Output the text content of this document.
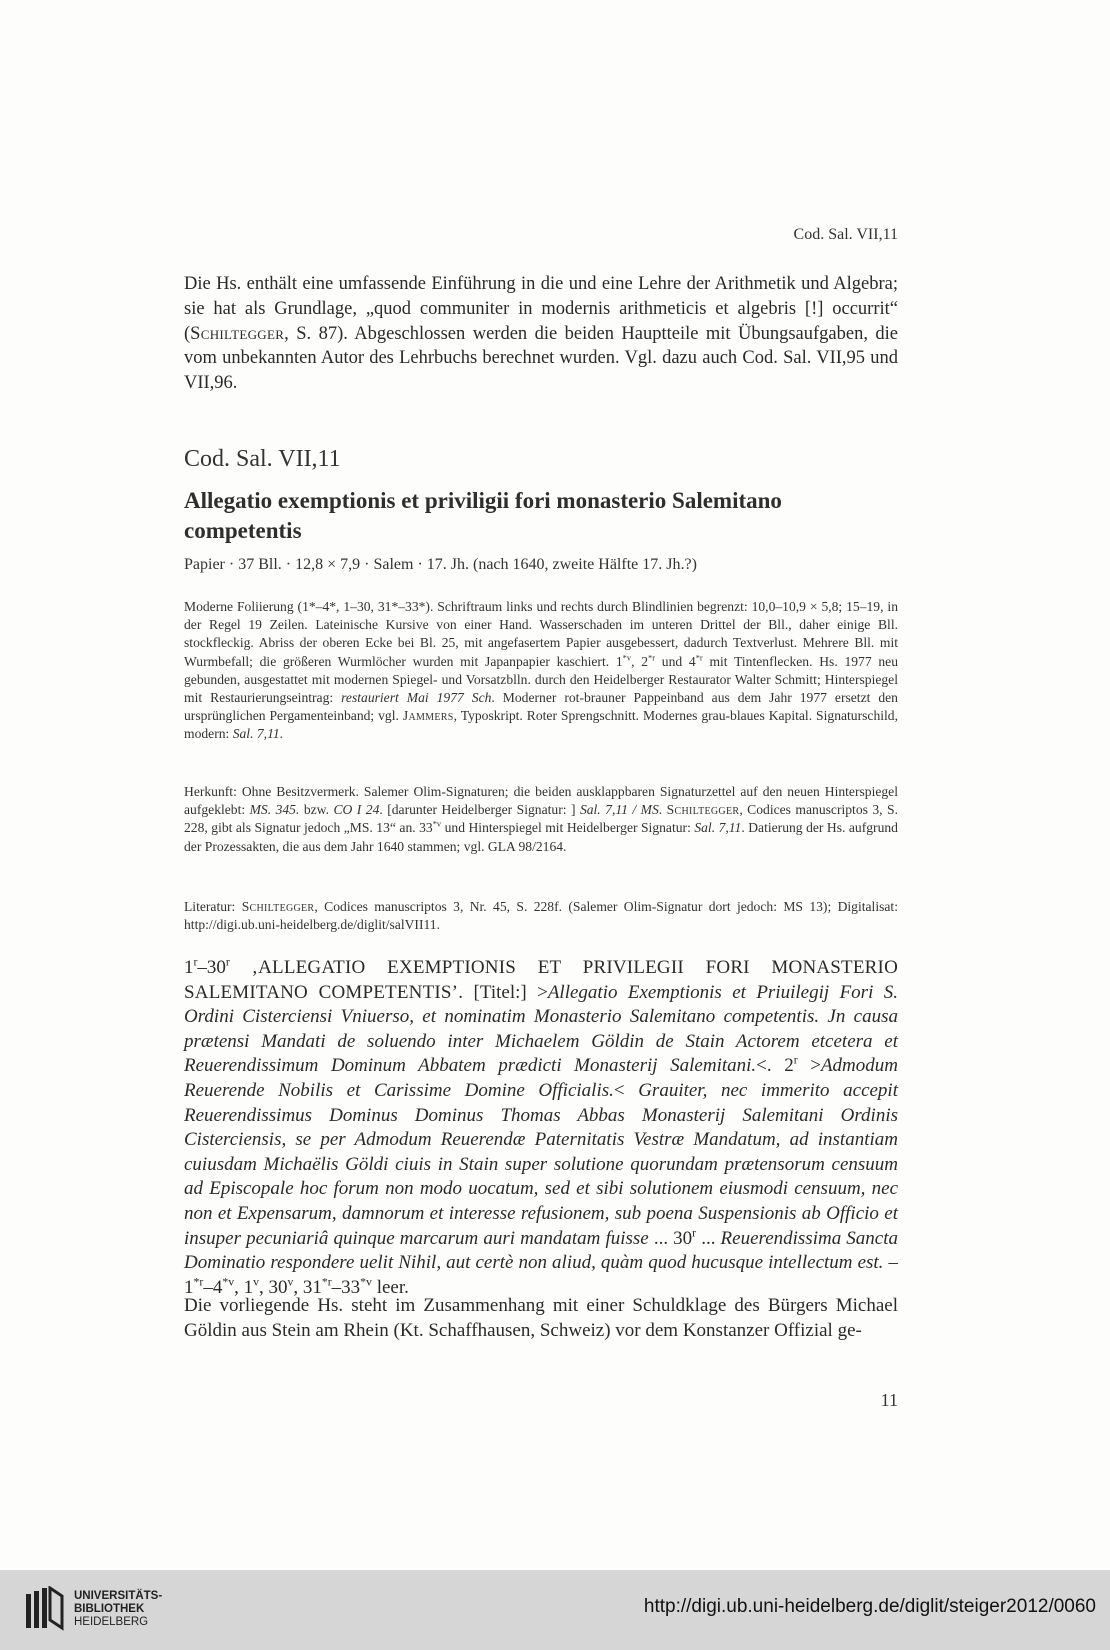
Cod. Sal. VII,11

Die Hs. enthält eine umfassende Einführung in die und eine Lehre der Arithmetik und Algebra; sie hat als Grundlage, „quod communiter in modernis arithmeticis et algebris [!] occurrit“ (Schiltegger, S. 87). Abgeschlossen werden die beiden Hauptteile mit Übungsaufgaben, die vom unbekannten Autor des Lehrbuchs berechnet wurden. Vgl. dazu auch Cod. Sal. VII,95 und VII,96.

Cod. Sal. VII,11
Allegatio exemptionis et priviligii fori monasterio Salemitano competentis

Papier · 37 Bll. · 12,8 × 7,9 · Salem · 17. Jh. (nach 1640, zweite Hälfte 17. Jh.?)

Moderne Foliierung (1*–4*, 1–30, 31*–33*). Schriftraum links und rechts durch Blindlinien begrenzt: 10,0–10,9 × 5,8; 15–19, in der Regel 19 Zeilen. Lateinische Kursive von einer Hand. Wasserschaden im unteren Drittel der Bll., daher einige Bll. stockfleckig. Abriss der oberen Ecke bei Bl. 25, mit angefasertem Papier ausgebessert, dadurch Textverlust. Mehrere Bll. mit Wurmbefall; die größeren Wurmlöcher wurden mit Japanpapier kaschiert. 1$^{*v}$, 2$^{*r}$ und 4$^{*r}$ mit Tintenflecken. Hs. 1977 neu gebunden, ausgestattet mit modernen Spiegel- und Vorsatzblln. durch den Heidelberger Restaurator Walter Schmitt; Hinterspiegel mit Restaurierungseintrag: restauriert Mai 1977 Sch. Moderner rot-brauner Pappeinband aus dem Jahr 1977 ersetzt den ursprünglichen Pergamenteinband; vgl. Jammers, Typoskript. Roter Sprengschnitt. Modernes grau-blaues Kapital. Signaturschild, modern: Sal. 7,11.

Herkunft: Ohne Besitzvermerk. Salemer Olim-Signaturen; die beiden ausklappbaren Signaturzettel auf den neuen Hinterspiegel aufgeklebt: MS. 345. bzw. CO I 24. [darunter Heidelberger Signatur: ] Sal. 7,11 / MS. Schiltegger, Codices manuscriptos 3, S. 228, gibt als Signatur jedoch „MS. 13“ an. 33$^{*v}$ und Hinterspiegel mit Heidelberger Signatur: Sal. 7,11. Datierung der Hs. aufgrund der Prozessakten, die aus dem Jahr 1640 stammen; vgl. GLA 98/2164.

Literatur: Schiltegger, Codices manuscriptos 3, Nr. 45, S. 228f. (Salemer Olim-Signatur dort jedoch: MS 13); Digitalisat: http://digi.ub.uni-heidelberg.de/diglit/salVII11.

1$^r$–30$^r$ ‚ALLEGATIO EXEMPTIONIS ET PRIVILEGII FORI MONASTERIO SALEMITANO COMPETENTIS’. [Titel:] >Allegatio Exemptionis et Priuilegij Fori S. Ordini Cisterciensi Vniuerso, et nominatim Monasterio Salemitano competentis. Jn causa prætensi Mandati de soluendo inter Michaelem Göldin de Stain Actorem etcetera et Reuerendissimum Dominum Abbatem prædicti Monasterij Salemitani.<. $2^r$ >Admodum Reuerende Nobilis et Carissime Domine Officialis.< Grauiter, nec immerito accepit Reuerendissimus Dominus Dominus Thomas Abbas Monasterij Salemitani Ordinis Cisterciensis, se per Admodum Reuerendæ Paternitatis Vestræ Mandatum, ad instantiam cuiusdam Michaëlis Göldi ciuis in Stain super solutione quorundam prætensorum censuum ad Episcopale hoc forum non modo uocatum, sed et sibi solutionem eiusmodi censuum, nec non et Expensarum, damnorum et interesse refusionem, sub poena Suspensionis ab Officio et insuper pecuniariâ quinque marcarum auri mandatam fuisse ... 30$^r$ ... Reuerendissima Sancta Dominatio respondere uelit Nihil, aut certè non aliud, quàm quod hucusque intellectum est. – 1$^{*r}$–4$^{*v}$, 1$^v$, 30$^v$, 31$^{*r}$–33$^{*v}$ leer.

Die vorliegende Hs. steht im Zusammenhang mit einer Schuldklage des Bürgers Michael Göldin aus Stein am Rhein (Kt. Schaffhausen, Schweiz) vor dem Konstanzer Offizial ge-

11
UNIVERSITÄTS-
BIBLIOTHEK
HEIDELBERG
http://digi.ub.uni-heidelberg.de/diglit/steiger2012/0060
